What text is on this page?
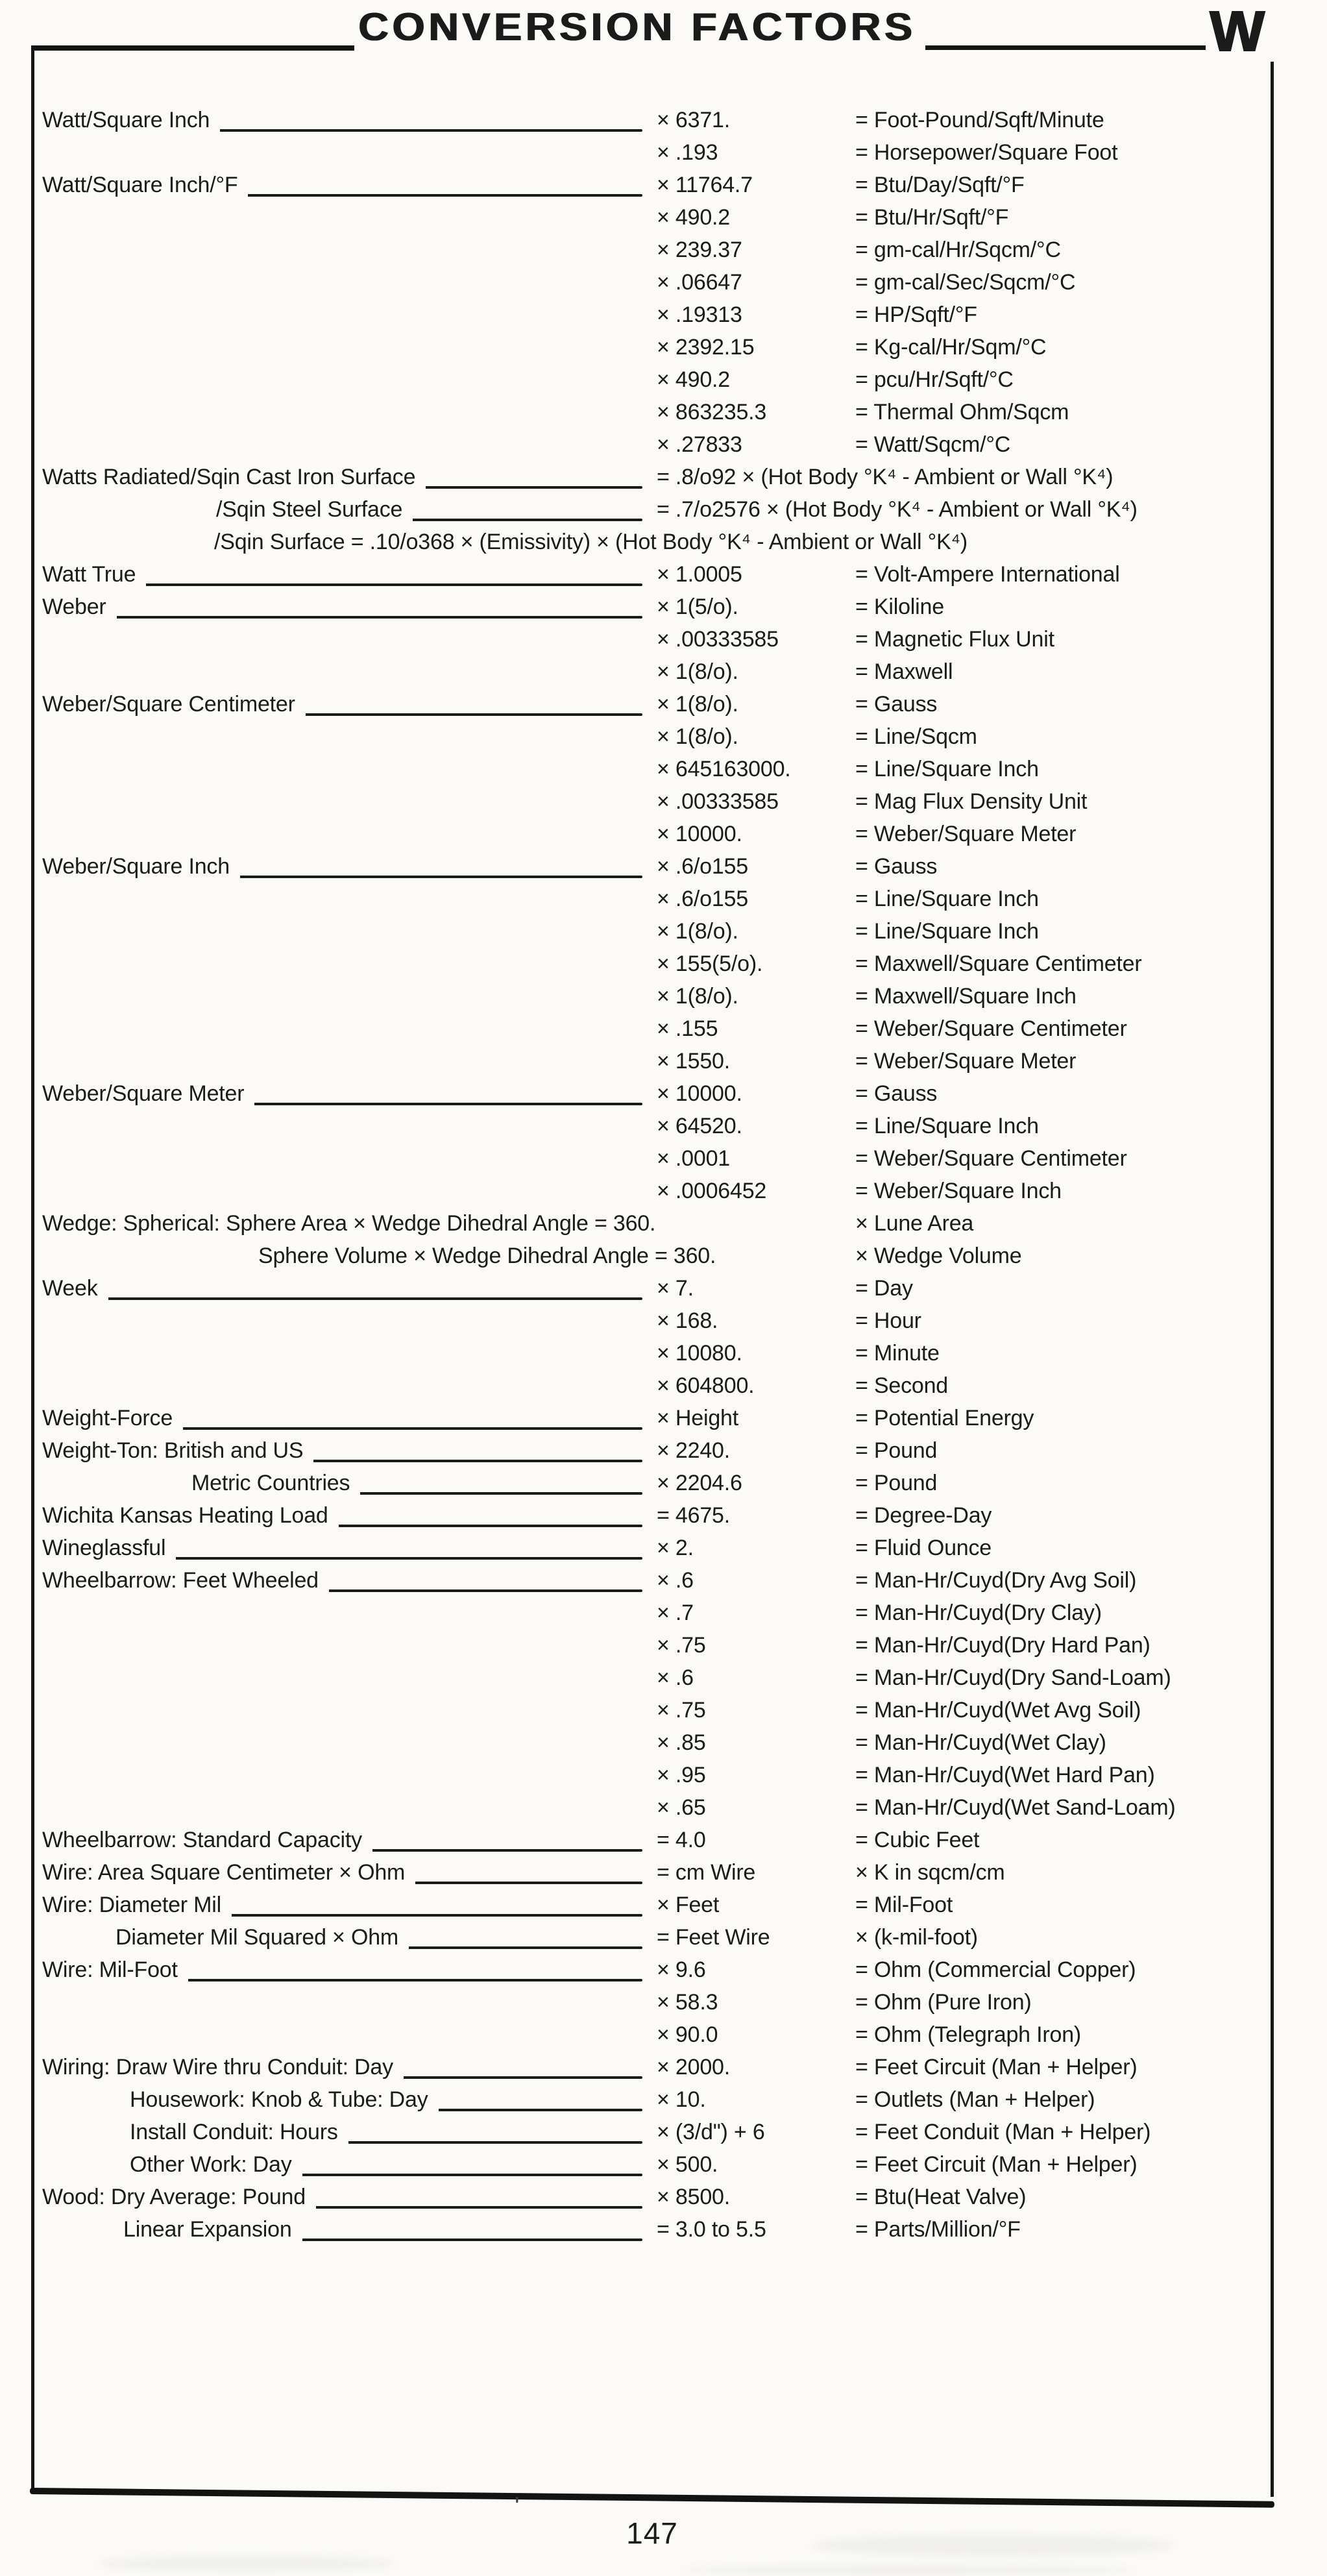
CONVERSION FACTORS	W
Watt/Square Inch	× 6371.	= Foot-Pound/Sqft/Minute
× .193	= Horsepower/Square Foot
Watt/Square Inch/°F	× 11764.7	= Btu/Day/Sqft/°F
× 490.2	= Btu/Hr/Sqft/°F
× 239.37	= gm-cal/Hr/Sqcm/°C
× .06647	= gm-cal/Sec/Sqcm/°C
× .19313	= HP/Sqft/°F
× 2392.15	= Kg-cal/Hr/Sqm/°C
× 490.2	= pcu/Hr/Sqft/°C
× 863235.3	= Thermal Ohm/Sqcm
× .27833	= Watt/Sqcm/°C
Watts Radiated/Sqin Cast Iron Surface	= .8/o92 × (Hot Body °K⁴ - Ambient or Wall °K⁴)
/Sqin Steel Surface	= .7/o2576 × (Hot Body °K⁴ - Ambient or Wall °K⁴)
/Sqin Surface = .10/o368 × (Emissivity) × (Hot Body °K⁴ - Ambient or Wall °K⁴)
Watt True	× 1.0005	= Volt-Ampere International
Weber	× 1(5/o).	= Kiloline
× .00333585	= Magnetic Flux Unit
× 1(8/o).	= Maxwell
Weber/Square Centimeter	× 1(8/o).	= Gauss
× 1(8/o).	= Line/Sqcm
× 645163000.	= Line/Square Inch
× .00333585	= Mag Flux Density Unit
× 10000.	= Weber/Square Meter
Weber/Square Inch	× .6/o155	= Gauss
× .6/o155	= Line/Square Inch
× 1(8/o).	= Line/Square Inch
× 155(5/o).	= Maxwell/Square Centimeter
× 1(8/o).	= Maxwell/Square Inch
× .155	= Weber/Square Centimeter
× 1550.	= Weber/Square Meter
Weber/Square Meter	× 10000.	= Gauss
× 64520.	= Line/Square Inch
× .0001	= Weber/Square Centimeter
× .0006452	= Weber/Square Inch
Wedge: Spherical: Sphere Area × Wedge Dihedral Angle = 360.	× Lune Area
Sphere Volume × Wedge Dihedral Angle = 360.	× Wedge Volume
Week	× 7.	= Day
× 168.	= Hour
× 10080.	= Minute
× 604800.	= Second
Weight-Force	× Height	= Potential Energy
Weight-Ton: British and US	× 2240.	= Pound
Metric Countries	× 2204.6	= Pound
Wichita Kansas Heating Load	= 4675.	= Degree-Day
Wineglassful	× 2.	= Fluid Ounce
Wheelbarrow: Feet Wheeled	× .6	= Man-Hr/Cuyd(Dry Avg Soil)
× .7	= Man-Hr/Cuyd(Dry Clay)
× .75	= Man-Hr/Cuyd(Dry Hard Pan)
× .6	= Man-Hr/Cuyd(Dry Sand-Loam)
× .75	= Man-Hr/Cuyd(Wet Avg Soil)
× .85	= Man-Hr/Cuyd(Wet Clay)
× .95	= Man-Hr/Cuyd(Wet Hard Pan)
× .65	= Man-Hr/Cuyd(Wet Sand-Loam)
Wheelbarrow: Standard Capacity	= 4.0	= Cubic Feet
Wire: Area Square Centimeter × Ohm	= cm Wire	× K in sqcm/cm
Wire: Diameter Mil	× Feet	= Mil-Foot
Diameter Mil Squared × Ohm	= Feet Wire	× (k-mil-foot)
Wire: Mil-Foot	× 9.6	= Ohm (Commercial Copper)
× 58.3	= Ohm (Pure Iron)
× 90.0	= Ohm (Telegraph Iron)
Wiring: Draw Wire thru Conduit: Day	× 2000.	= Feet Circuit (Man + Helper)
Housework: Knob & Tube: Day	× 10.	= Outlets (Man + Helper)
Install Conduit: Hours	× (3/d") + 6	= Feet Conduit (Man + Helper)
Other Work: Day	× 500.	= Feet Circuit (Man + Helper)
Wood: Dry Average: Pound	× 8500.	= Btu(Heat Valve)
Linear Expansion	= 3.0 to 5.5	= Parts/Million/°F
'
147
